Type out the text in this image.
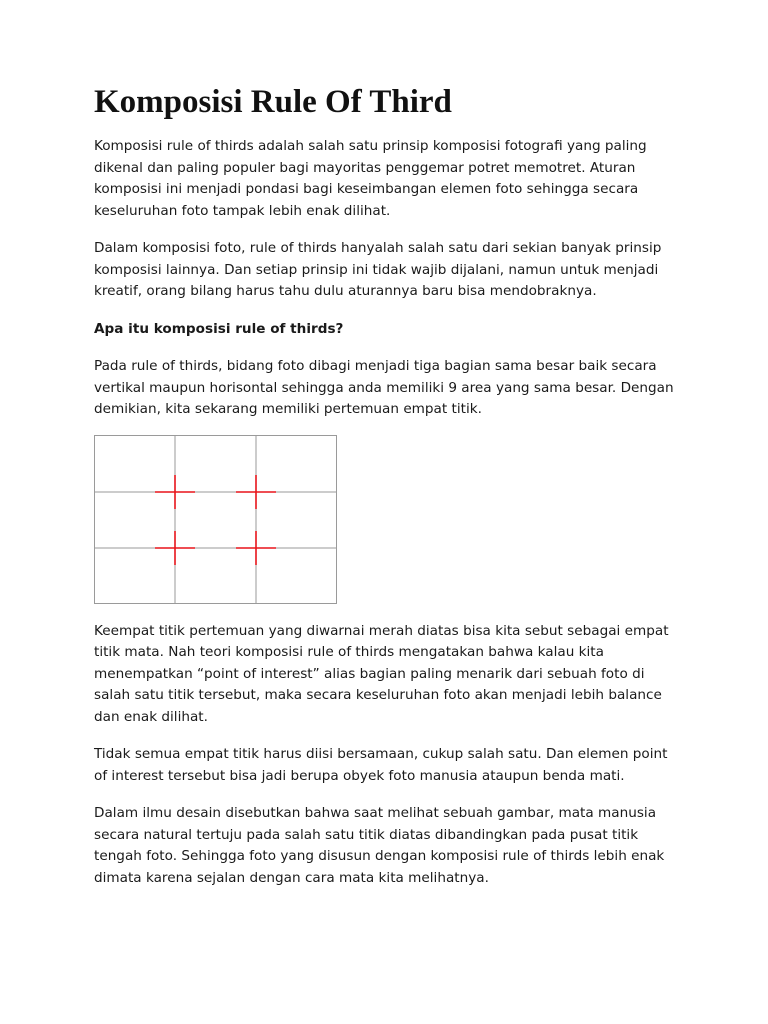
Komposisi Rule Of Third

Komposisi rule of thirds adalah salah satu prinsip komposisi fotografi yang paling dikenal dan paling populer bagi mayoritas penggemar potret memotret. Aturan komposisi ini menjadi pondasi bagi keseimbangan elemen foto sehingga secara keseluruhan foto tampak lebih enak dilihat.

Dalam komposisi foto, rule of thirds hanyalah salah satu dari sekian banyak prinsip komposisi lainnya. Dan setiap prinsip ini tidak wajib dijalani, namun untuk menjadi kreatif, orang bilang harus tahu dulu aturannya baru bisa mendobraknya.

Apa itu komposisi rule of thirds?

Pada rule of thirds, bidang foto dibagi menjadi tiga bagian sama besar baik secara vertikal maupun horisontal sehingga anda memiliki 9 area yang sama besar. Dengan demikian, kita sekarang memiliki pertemuan empat titik.

Keempat titik pertemuan yang diwarnai merah diatas bisa kita sebut sebagai empat titik mata. Nah teori komposisi rule of thirds mengatakan bahwa kalau kita menempatkan “point of interest” alias bagian paling menarik dari sebuah foto di salah satu titik tersebut, maka secara keseluruhan foto akan menjadi lebih balance dan enak dilihat.

Tidak semua empat titik harus diisi bersamaan, cukup salah satu. Dan elemen point of interest tersebut bisa jadi berupa obyek foto manusia ataupun benda mati.

Dalam ilmu desain disebutkan bahwa saat melihat sebuah gambar, mata manusia secara natural tertuju pada salah satu titik diatas dibandingkan pada pusat titik tengah foto. Sehingga foto yang disusun dengan komposisi rule of thirds lebih enak dimata karena sejalan dengan cara mata kita melihatnya.
